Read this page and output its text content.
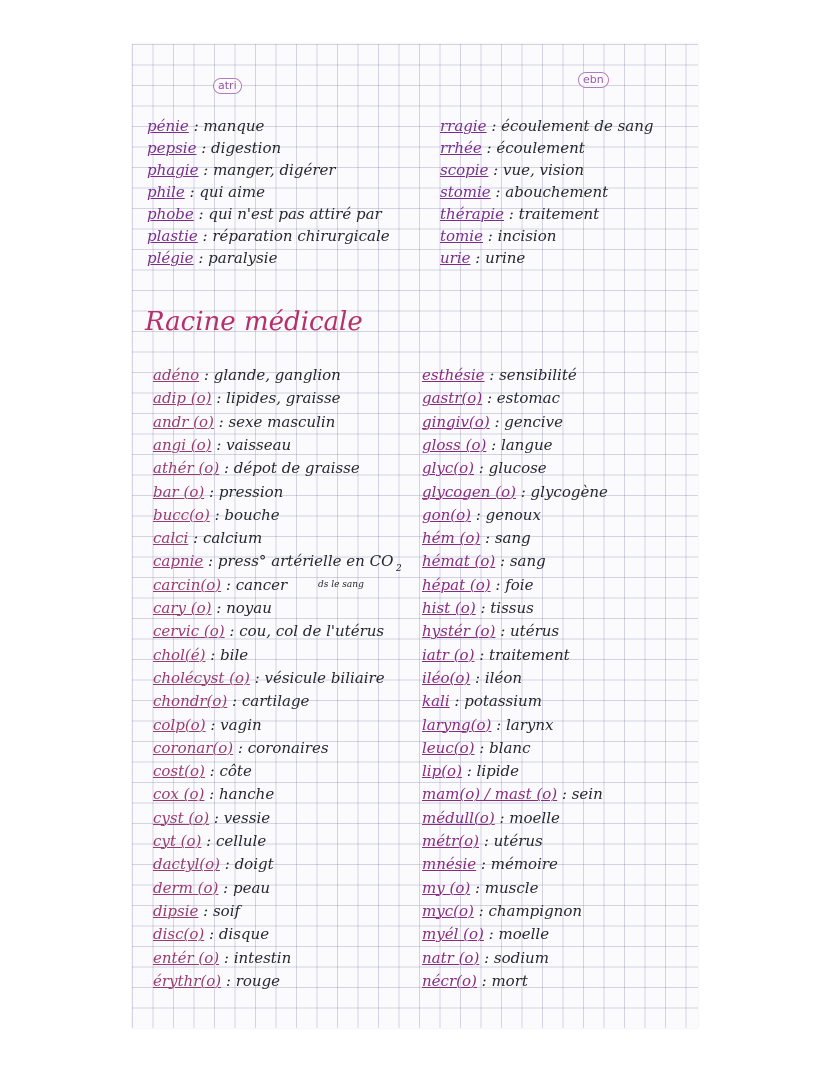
atri	ebn
pénie : manque
pepsie : digestion
phagie : manger, digérer
phile : qui aime
phobe : qui n'est pas attiré par
plastie : réparation chirurgicale
plégie : paralysie
rragie : écoulement de sang
rrhée : écoulement
scopie : vue, vision
stomie : abouchement
thérapie : traitement
tomie : incision
urie : urine
Racine médicale
adéno : glande, ganglion
adip (o) : lipides, graisse
andr (o) : sexe masculin
angi (o) : vaisseau
athér (o) : dépot de graisse
bar (o) : pression
bucc(o) : bouche
calci : calcium
capnie : press° artérielle en CO
carcin(o) : cancer
cary (o) : noyau
cervic (o) : cou, col de l'utérus
chol(é) : bile
cholécyst (o) : vésicule biliaire
chondr(o) : cartilage
colp(o) : vagin
coronar(o) : coronaires
cost(o) : côte
cox (o) : hanche
cyst (o) : vessie
cyt (o) : cellule
dactyl(o) : doigt
derm (o) : peau
dipsie : soif
disc(o) : disque
entér (o) : intestin
érythr(o) : rouge
esthésie : sensibilité
gastr(o) : estomac
gingiv(o) : gencive
gloss (o) : langue
glyc(o) : glucose
glycogen (o) : glycogène
gon(o) : genoux
hém (o) : sang
hémat (o) : sang
hépat (o) : foie
hist (o) : tissus
hystér (o) : utérus
iatr (o) : traitement
iléo(o) : iléon
kali : potassium
laryng(o) : larynx
leuc(o) : blanc
lip(o) : lipide
mam(o) / mast (o) : sein
médull(o) : moelle
métr(o) : utérus
mnésie : mémoire
my (o) : muscle
myc(o) : champignon
myél (o) : moelle
natr (o) : sodium
nécr(o) : mort
2
ds le sang
